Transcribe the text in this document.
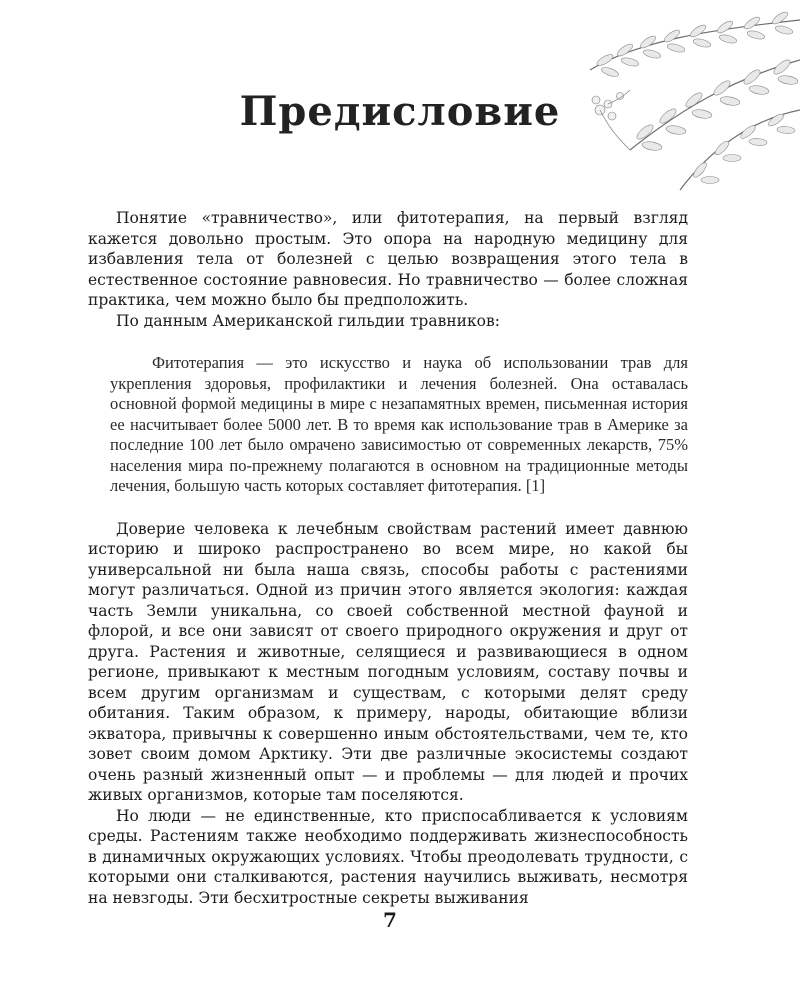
Предисловие

Понятие «травничество», или фитотерапия, на первый взгляд кажется довольно простым. Это опора на народную медицину для избавления тела от болезней с целью возвращения этого тела в естественное состояние равновесия. Но травничество — более сложная практика, чем можно было бы предположить.

По данным Американской гильдии травников:

Фитотерапия — это искусство и наука об использовании трав для укрепления здоровья, профилактики и лечения болезней. Она оставалась основной формой медицины в мире с незапамятных времен, письменная история ее насчитывает более 5000 лет. В то время как использование трав в Америке за последние 100 лет было омрачено зависимостью от современных лекарств, 75% населения мира по-прежнему полагаются в основном на традиционные методы лечения, большую часть которых составляет фитотерапия. [1]

Доверие человека к лечебным свойствам растений имеет давнюю историю и широко распространено во всем мире, но какой бы универсальной ни была наша связь, способы работы с растениями могут различаться. Одной из причин этого является экология: каждая часть Земли уникальна, со своей собственной местной фауной и флорой, и все они зависят от своего природного окружения и друг от друга. Растения и животные, селящиеся и развивающиеся в одном регионе, привыкают к местным погодным условиям, составу почвы и всем другим организмам и существам, с которыми делят среду обитания. Таким образом, к примеру, народы, обитающие вблизи экватора, привычны к совершенно иным обстоятельствами, чем те, кто зовет своим домом Арктику. Эти две различные экосистемы создают очень разный жизненный опыт — и проблемы — для людей и прочих живых организмов, которые там поселяются.

Но люди — не единственные, кто приспосабливается к условиям среды. Растениям также необходимо поддерживать жизнеспособность в динамичных окружающих условиях. Чтобы преодолевать трудности, с которыми они сталкиваются, растения научились выживать, несмотря на невзгоды. Эти бесхитростные секреты выживания

7
